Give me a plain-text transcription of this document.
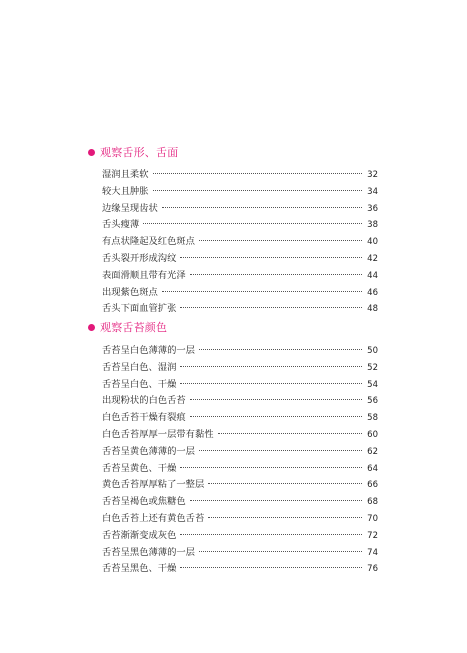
观察舌形、舌面
湿润且柔软	32
较大且肿胀	34
边缘呈现齿状	36
舌头瘦薄	38
有点状隆起及红色斑点	40
舌头裂开形成沟纹	42
表面滑顺且带有光泽	44
出现紫色斑点	46
舌头下面血管扩张	48
观察舌苔颜色
舌苔呈白色薄薄的一层	50
舌苔呈白色、湿润	52
舌苔呈白色、干燥	54
出现粉状的白色舌苔	56
白色舌苔干燥有裂痕	58
白色舌苔厚厚一层带有黏性	60
舌苔呈黄色薄薄的一层	62
舌苔呈黄色、干燥	64
黄色舌苔厚厚粘了一整层	66
舌苔呈褐色或焦糖色	68
白色舌苔上还有黄色舌苔	70
舌苔渐渐变成灰色	72
舌苔呈黑色薄薄的一层	74
舌苔呈黑色、干燥	76
